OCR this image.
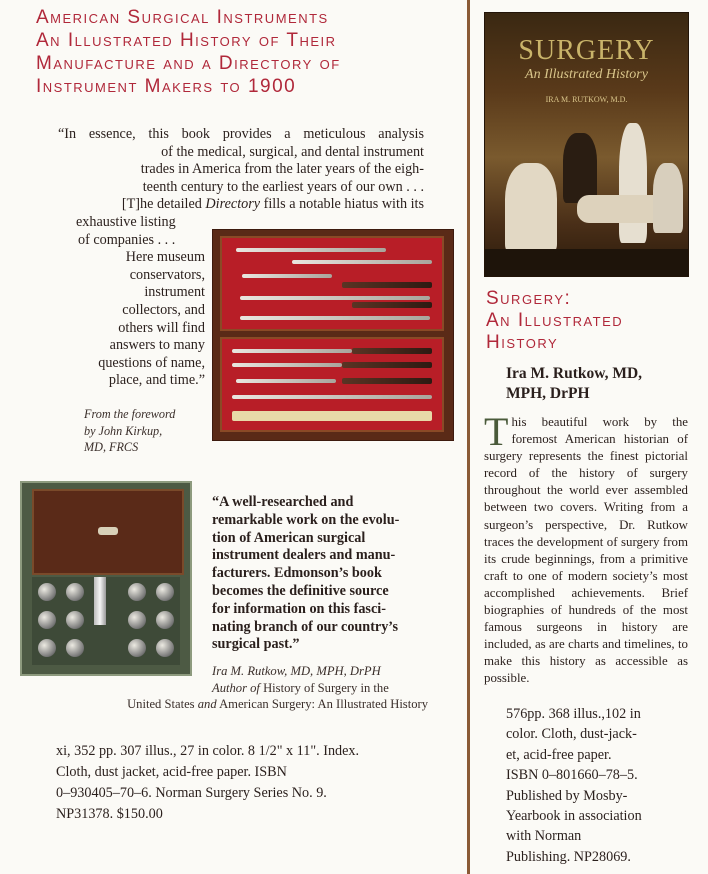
American Surgical Instruments

An Illustrated History of Their

Manufacture and a Directory of

Instrument Makers to 1900

“In essence, this book provides a meticulous analysis

of the medical, surgical, and dental instrument

trades in America from the later years of the eigh-

teenth century to the earliest years of our own . . .

[T]he detailed Directory fills a notable hiatus with its

exhaustive listing

of companies . . .

Here museum

conservators,

instrument

collectors, and

others will find

answers to many

questions of name,

place, and time.”

From the foreword
by John Kirkup,
MD, FRCS
“A well-researched and
remarkable work on the evolu-
tion of American surgical
instrument dealers and manu-
facturers. Edmonson’s book
becomes the definitive source
for information on this fasci-
nating branch of our country’s
surgical past.”
Ira M. Rutkow, MD, MPH, DrPH
Author of History of Surgery in the
United States and American Surgery: An Illustrated History
xi, 352 pp. 307 illus., 27 in color. 8 1/2" x 11". Index.
Cloth, dust jacket, acid-free paper. ISBN
0–930405–70–6. Norman Surgery Series No. 9.
NP31378. $150.00
SURGERY
An Illustrated History
IRA M. RUTKOW, M.D.

Surgery:

An Illustrated

History

Ira M. Rutkow, MD,
MPH, DrPH

This beautiful work by the foremost American historian of surgery represents the finest pictorial record of the history of surgery throughout the world ever assembled between two covers. Writing from a surgeon’s perspective, Dr. Rutkow traces the development of surgery from its crude beginnings, from a primitive craft to one of modern society’s most accomplished achievements. Brief biographies of hundreds of the most famous surgeons in history are included, as are charts and timelines, to make this history as accessible as possible.

576pp. 368 illus.,102 in
color. Cloth, dust-jack-
et, acid-free paper.
ISBN 0–801660–78–5.
Published by Mosby-
Yearbook in association
with Norman
Publishing. NP28069.
